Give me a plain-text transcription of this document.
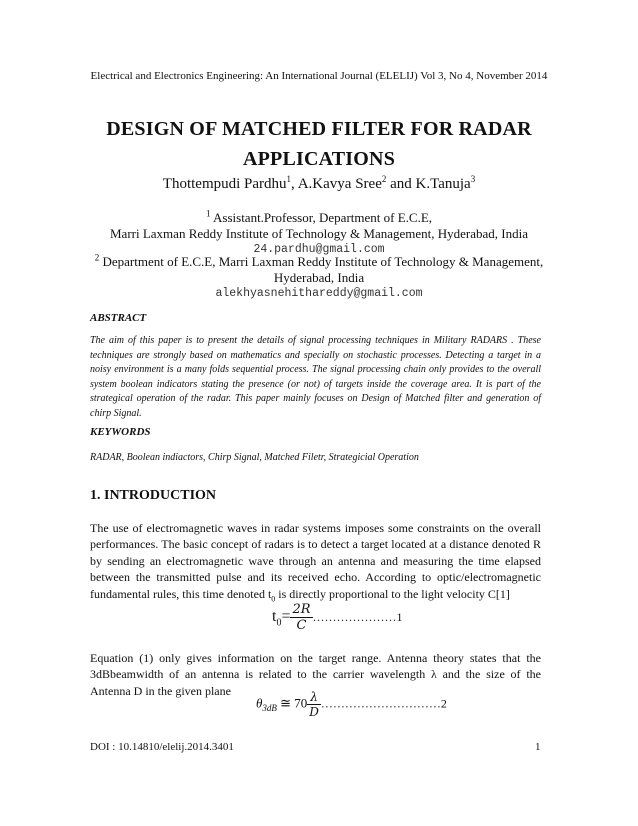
Electrical and Electronics Engineering: An International Journal (ELELIJ) Vol 3, No 4, November 2014
DESIGN OF MATCHED FILTER FOR RADAR
APPLICATIONS
Thottempudi Pardhu$^1$, A.Kavya Sree$^2$ and K.Tanuja$^3$
$^1$ Assistant.Professor, Department of E.C.E,
Marri Laxman Reddy Institute of Technology & Management, Hyderabad, India
24.pardhu@gmail.com
$^2$ Department of E.C.E, Marri Laxman Reddy Institute of Technology & Management,
Hyderabad, India
alekhyasnehithareddy@gmail.com
ABSTRACT
The aim of this paper is to present the details of signal processing techniques in Military RADARS . These techniques are strongly based on mathematics and specially on stochastic processes. Detecting a target in a noisy environment is a many folds sequential process. The signal processing chain only provides to the overall system boolean indicators stating the presence (or not) of targets inside the coverage area. It is part of the strategical operation of the radar. This paper mainly focuses on Design of Matched filter and generation of chirp Signal.
KEYWORDS
RADAR, Boolean indiactors, Chirp Signal, Matched Filetr, Strategicial Operation
1. INTRODUCTION
The use of electromagnetic waves in radar systems imposes some constraints on the overall performances. The basic concept of radars is to detect a target located at a distance denoted R by sending an electromagnetic wave through an antenna and measuring the time elapsed between the transmitted pulse and its received echo. According to optic/electromagnetic fundamental rules, this time denoted $t_0$ is directly proportional to the light velocity C[1]
$t_0= \frac{2R}{C}$ …………………1
Equation (1) only gives information on the target range. Antenna theory states that the 3dBbeamwidth of an antenna is related to the carrier wavelength λ and the size of the Antenna D in the given plane
$\theta_{3dB}$ ≅ $70 \frac{\lambda}{D}$ …………………………2
DOI : 10.14810/elelij.2014.3401	1
